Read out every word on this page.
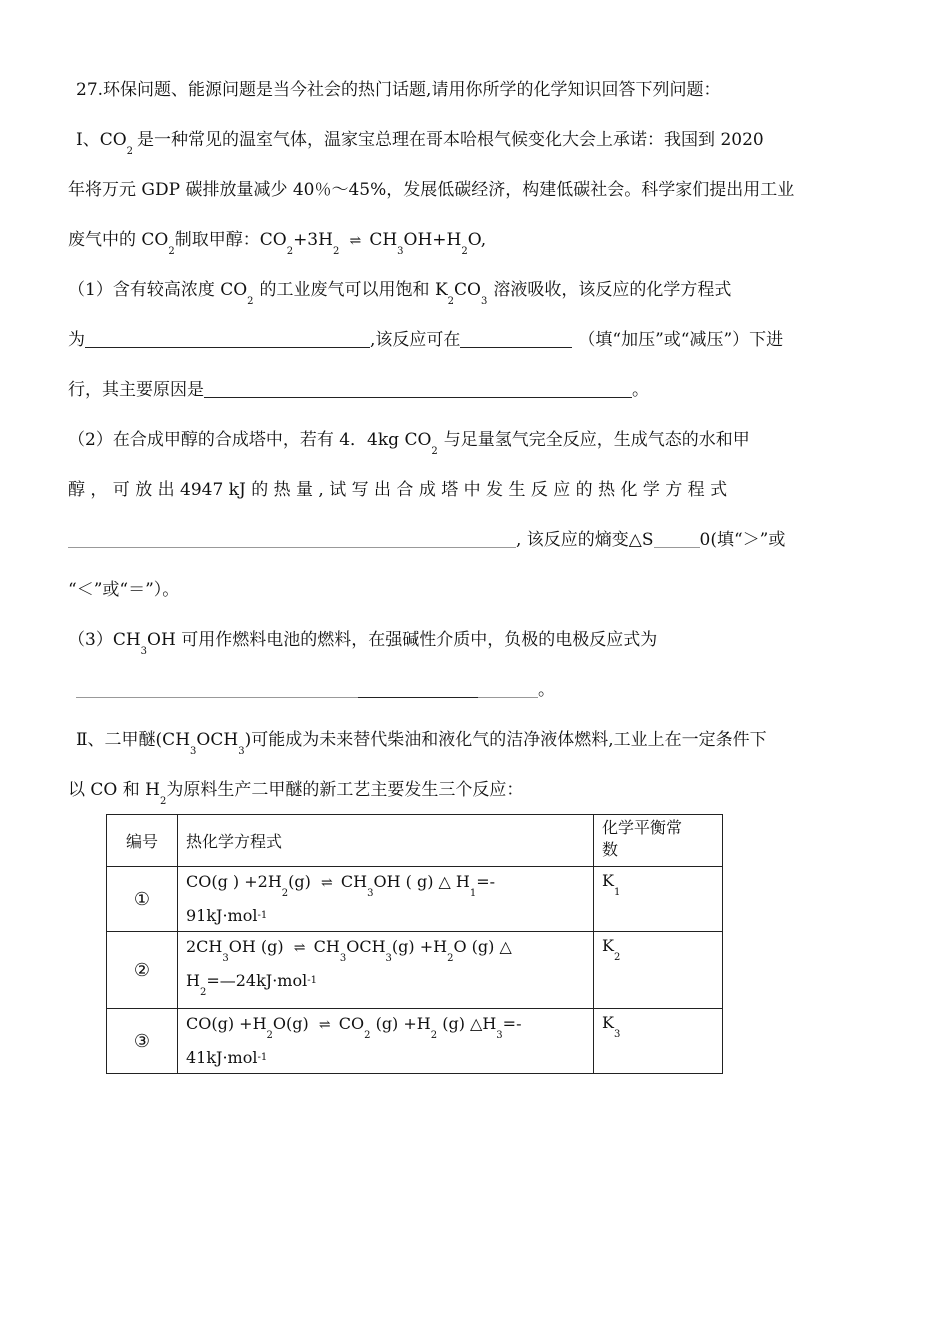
27.环保问题、能源问题是当今社会的热门话题,请用你所学的化学知识回答下列问题：
Ⅰ、$CO_2$是一种常见的温室气体，温家宝总理在哥本哈根气候变化大会上承诺：我国到 2020
年将万元 GDP 碳排放量减少 40％～45%，发展低碳经济，构建低碳社会。科学家们提出用工业
废气中的 $CO_2$制取甲醇：$CO_2+3H_2\rightleftharpoons$ $CH_3OH+H_2O$,
（1）含有较高浓度 $CO_2$的工业废气可以用饱和 $K_2CO_3$溶液吸收，该反应的化学方程式
为	,该反应可在	（填“加压”或“减压”）下进
行，其主要原因是	。
（2）在合成甲醇的合成塔中，若有 4．4kg $CO_2$与足量氢气完全反应，生成气态的水和甲
醇 ， 可 放 出 4947 kJ 的 热 量 , 试 写 出 合 成 塔 中 发 生 反 应 的 热 化 学 方 程 式
, 该反应的熵变△S	0(填“＞”或
“＜”或“＝”）。
$(3)CH_3OH$ 可用作燃料电池的燃料，在强碱性介质中，负极的电极反应式为
。
Ⅱ、二甲醚$(CH_3OCH_3)$可能成为未来替代柴油和液化气的洁净液体燃料,工业上在一定条件下
以 CO 和 $H_2$为原料生产二甲醚的新工艺主要发生三个反应：
编号	热化学方程式	化学平衡常
数

①	CO(g ) $+2H_2(g)$ ⇌ $CH_3OH$ ( g) △ $H_1=-$
91kJ·mol$^{-1}$	$K_1$
②	$2CH_3OH$ (g) ⇌ $CH_3OCH_3(g) +H_2O$ (g) △
$H_2=—24kJ\cdot mol^{-1}$	$K_2$
③	$CO(g) +H_2O(g)$ ⇌ $CO_2$ $(g) +H_2$ (g) $\triangle H_3=-$
41kJ·mol$^{-1}$	$K_3$
